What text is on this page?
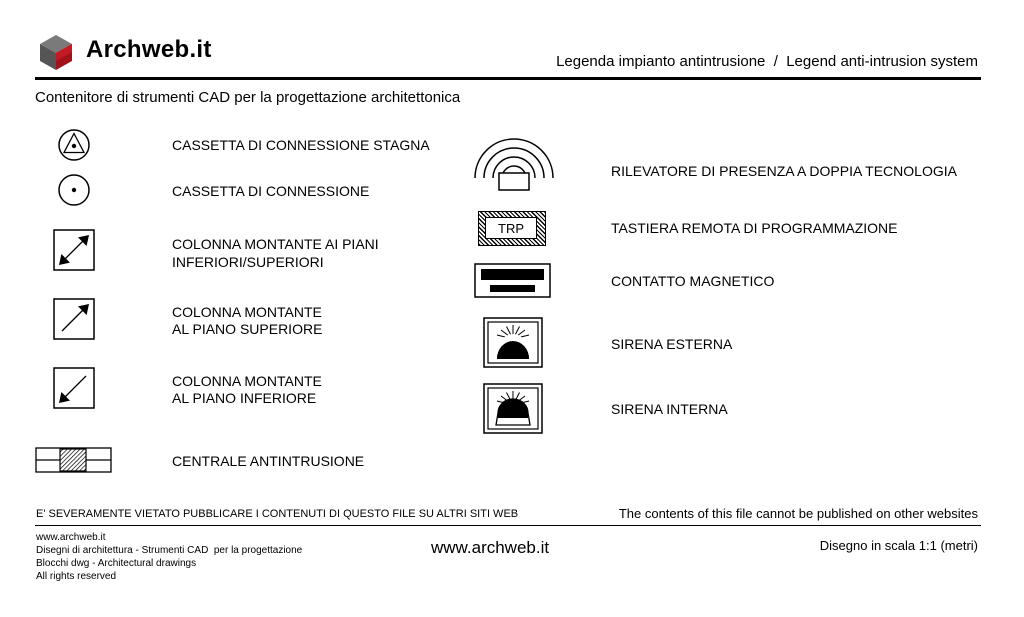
Archweb.it	Legenda impianto antintrusione  /  Legend anti-intrusion system
Contenitore di strumenti CAD per la progettazione architettonica
CASSETTA DI CONNESSIONE STAGNA
CASSETTA DI CONNESSIONE
COLONNA MONTANTE AI PIANI
INFERIORI/SUPERIORI
COLONNA MONTANTE
AL PIANO SUPERIORE
COLONNA MONTANTE
AL PIANO INFERIORE
CENTRALE ANTINTRUSIONE
RILEVATORE DI PRESENZA A DOPPIA TECNOLOGIA
TRP	TASTIERA REMOTA DI PROGRAMMAZIONE
CONTATTO MAGNETICO
SIRENA ESTERNA
SIRENA INTERNA
E' SEVERAMENTE VIETATO PUBBLICARE I CONTENUTI DI QUESTO FILE SU ALTRI SITI WEB	The contents of this file cannot be published on other websites
www.archweb.it
Disegni di architettura - Strumenti CAD  per la progettazione
Blocchi dwg - Architectural drawings
All rights reserved
www.archweb.it	Disegno in scala 1:1 (metri)
